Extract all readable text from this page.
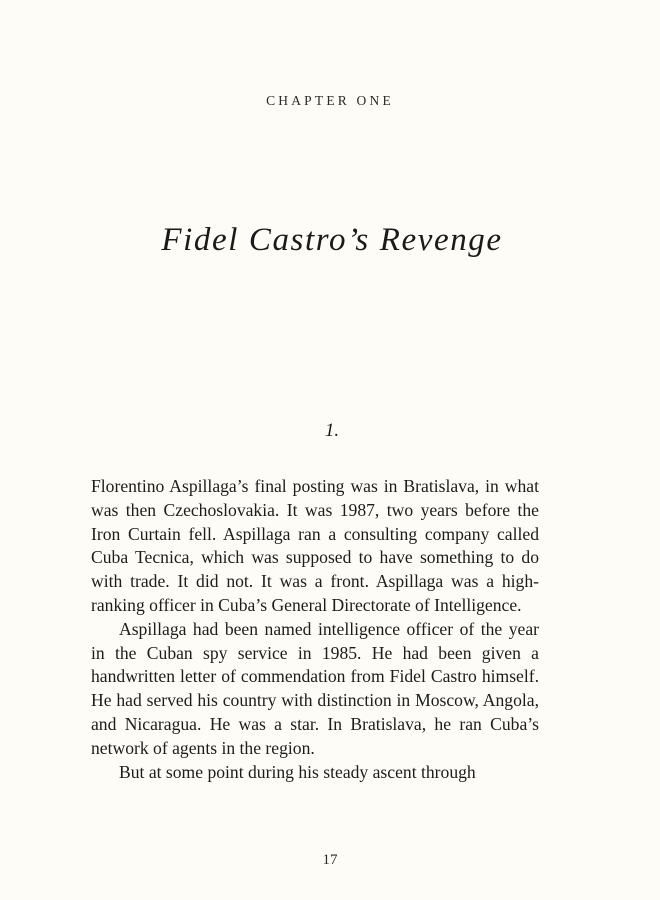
CHAPTER ONE
Fidel Castro’s Revenge
1.

Florentino Aspillaga’s final posting was in Bratislava, in what was then Czechoslovakia. It was 1987, two years before the Iron Curtain fell. Aspillaga ran a consulting company called Cuba Tecnica, which was supposed to have something to do with trade. It did not. It was a front. Aspillaga was a high-ranking officer in Cuba’s General Directorate of Intelligence.

Aspillaga had been named intelligence officer of the year in the Cuban spy service in 1985. He had been given a handwritten letter of commendation from Fidel Castro himself. He had served his country with distinction in Moscow, Angola, and Nicaragua. He was a star. In Bratislava, he ran Cuba’s network of agents in the region.

But at some point during his steady ascent through

17
